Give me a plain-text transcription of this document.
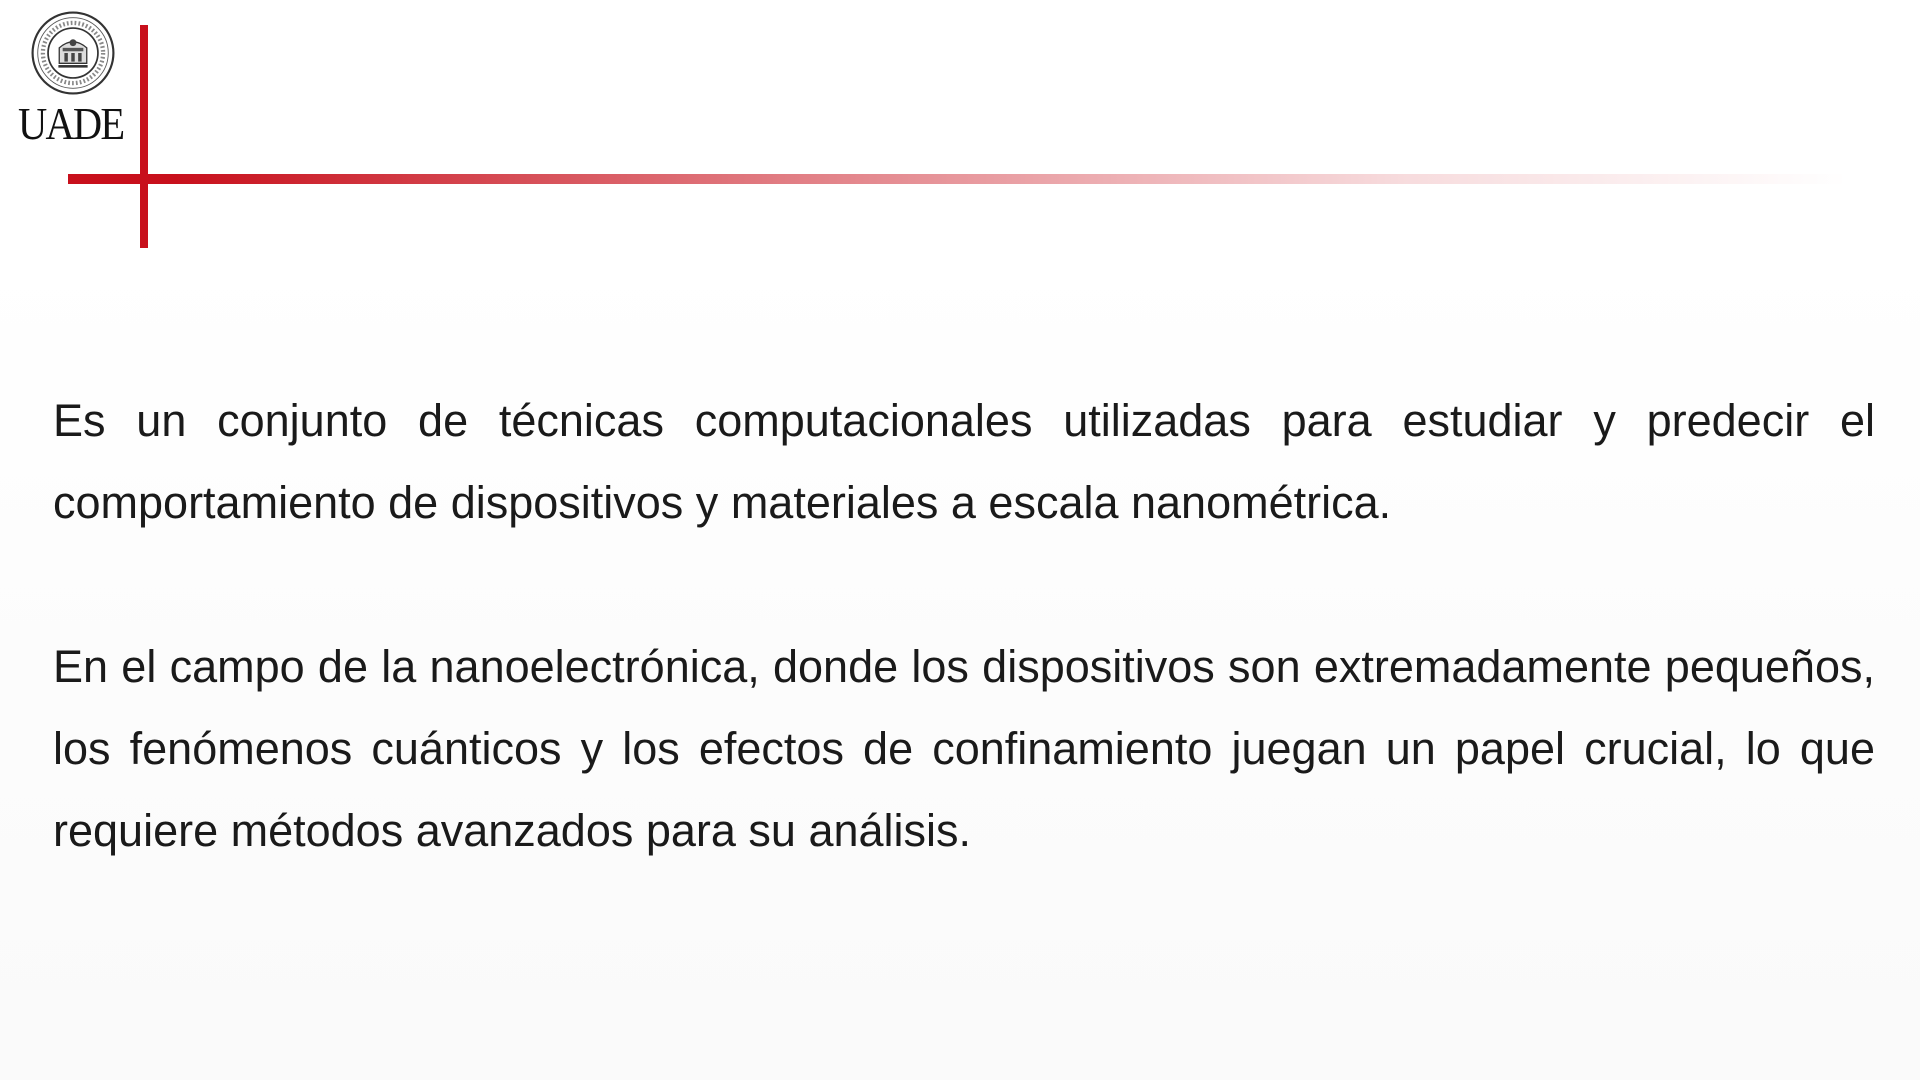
UADE

Es un conjunto de técnicas computacionales utilizadas para estudiar y predecir el comportamiento de dispositivos y materiales a escala nanométrica.

En el campo de la nanoelectrónica, donde los dispositivos son extremadamente pequeños, los fenómenos cuánticos y los efectos de confinamiento juegan un papel crucial, lo que requiere métodos avanzados para su análisis.
